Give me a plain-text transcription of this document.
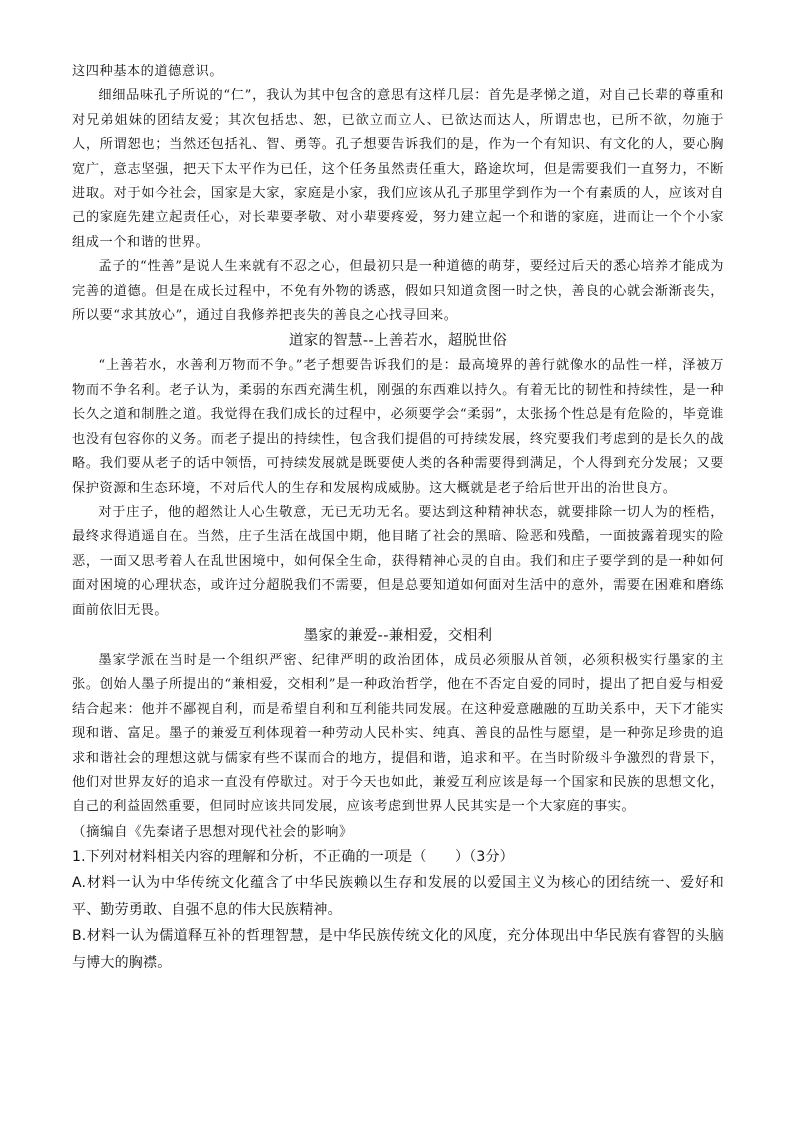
这四种基本的道德意识。

细细品味孔子所说的“仁”，我认为其中包含的意思有这样几层：首先是孝悌之道，对自己长辈的尊重和对兄弟姐妹的团结友爱；其次包括忠、恕，已欲立而立人、已欲达而达人，所谓忠也，已所不欲，勿施于人，所谓恕也；当然还包括礼、智、勇等。孔子想要告诉我们的是，作为一个有知识、有文化的人，要心胸宽广，意志坚强，把天下太平作为已任，这个任务虽然责任重大，路途坎坷，但是需要我们一直努力，不断进取。对于如今社会，国家是大家，家庭是小家，我们应该从孔子那里学到作为一个有素质的人，应该对自己的家庭先建立起责任心，对长辈要孝敬、对小辈要疼爱，努力建立起一个和谐的家庭，进而让一个个小家组成一个和谐的世界。

孟子的“性善”是说人生来就有不忍之心，但最初只是一种道德的萌芽，要经过后天的悉心培养才能成为完善的道德。但是在成长过程中，不免有外物的诱惑，假如只知道贪图一时之快，善良的心就会渐渐丧失，所以要“求其放心”，通过自我修养把丧失的善良之心找寻回来。

道家的智慧--上善若水，超脱世俗

“上善若水，水善利万物而不争。”老子想要告诉我们的是：最高境界的善行就像水的品性一样，泽被万物而不争名利。老子认为，柔弱的东西充满生机，刚强的东西难以持久。有着无比的韧性和持续性，是一种长久之道和制胜之道。我觉得在我们成长的过程中，必须要学会“柔弱”，太张扬个性总是有危险的，毕竟谁也没有包容你的义务。而老子提出的持续性，包含我们提倡的可持续发展，终究要我们考虑到的是长久的战略。我们要从老子的话中领悟，可持续发展就是既要使人类的各种需要得到满足，个人得到充分发展；又要保护资源和生态环境，不对后代人的生存和发展构成威胁。这大概就是老子给后世开出的治世良方。

对于庄子，他的超然让人心生敬意，无已无功无名。要达到这种精神状态，就要排除一切人为的桎梏，最终求得逍遥自在。当然，庄子生活在战国中期，他目睹了社会的黑暗、险恶和残酷，一面披露着现实的险恶，一面又思考着人在乱世困境中，如何保全生命，获得精神心灵的自由。我们和庄子要学到的是一种如何面对困境的心理状态，或许过分超脱我们不需要，但是总要知道如何面对生活中的意外，需要在困难和磨练面前依旧无畏。

墨家的兼爱--兼相爱，交相利

墨家学派在当时是一个组织严密、纪律严明的政治团体，成员必须服从首领，必须积极实行墨家的主张。创始人墨子所提出的“兼相爱，交相利”是一种政治哲学，他在不否定自爱的同时，提出了把自爱与相爱结合起来：他并不鄙视自利，而是希望自利和互利能共同发展。在这种爱意融融的互助关系中，天下才能实现和谐、富足。墨子的兼爱互利体现着一种劳动人民朴实、纯真、善良的品性与愿望，是一种弥足珍贵的追求和谐社会的理想这就与儒家有些不谋而合的地方，提倡和谐，追求和平。在当时阶级斗争激烈的背景下，他们对世界友好的追求一直没有停歇过。对于今天也如此，兼爱互利应该是每一个国家和民族的思想文化，自己的利益固然重要，但同时应该共同发展，应该考虑到世界人民其实是一个大家庭的事实。

（摘编自《先秦诸子思想对现代社会的影响》

1.下列对材料相关内容的理解和分析，不正确的一项是（　　）（3分）

A.材料一认为中华传统文化蕴含了中华民族赖以生存和发展的以爱国主义为核心的团结统一、爱好和平、勤劳勇敢、自强不息的伟大民族精神。

B.材料一认为儒道释互补的哲理智慧，是中华民族传统文化的风度，充分体现出中华民族有睿智的头脑与博大的胸襟。
